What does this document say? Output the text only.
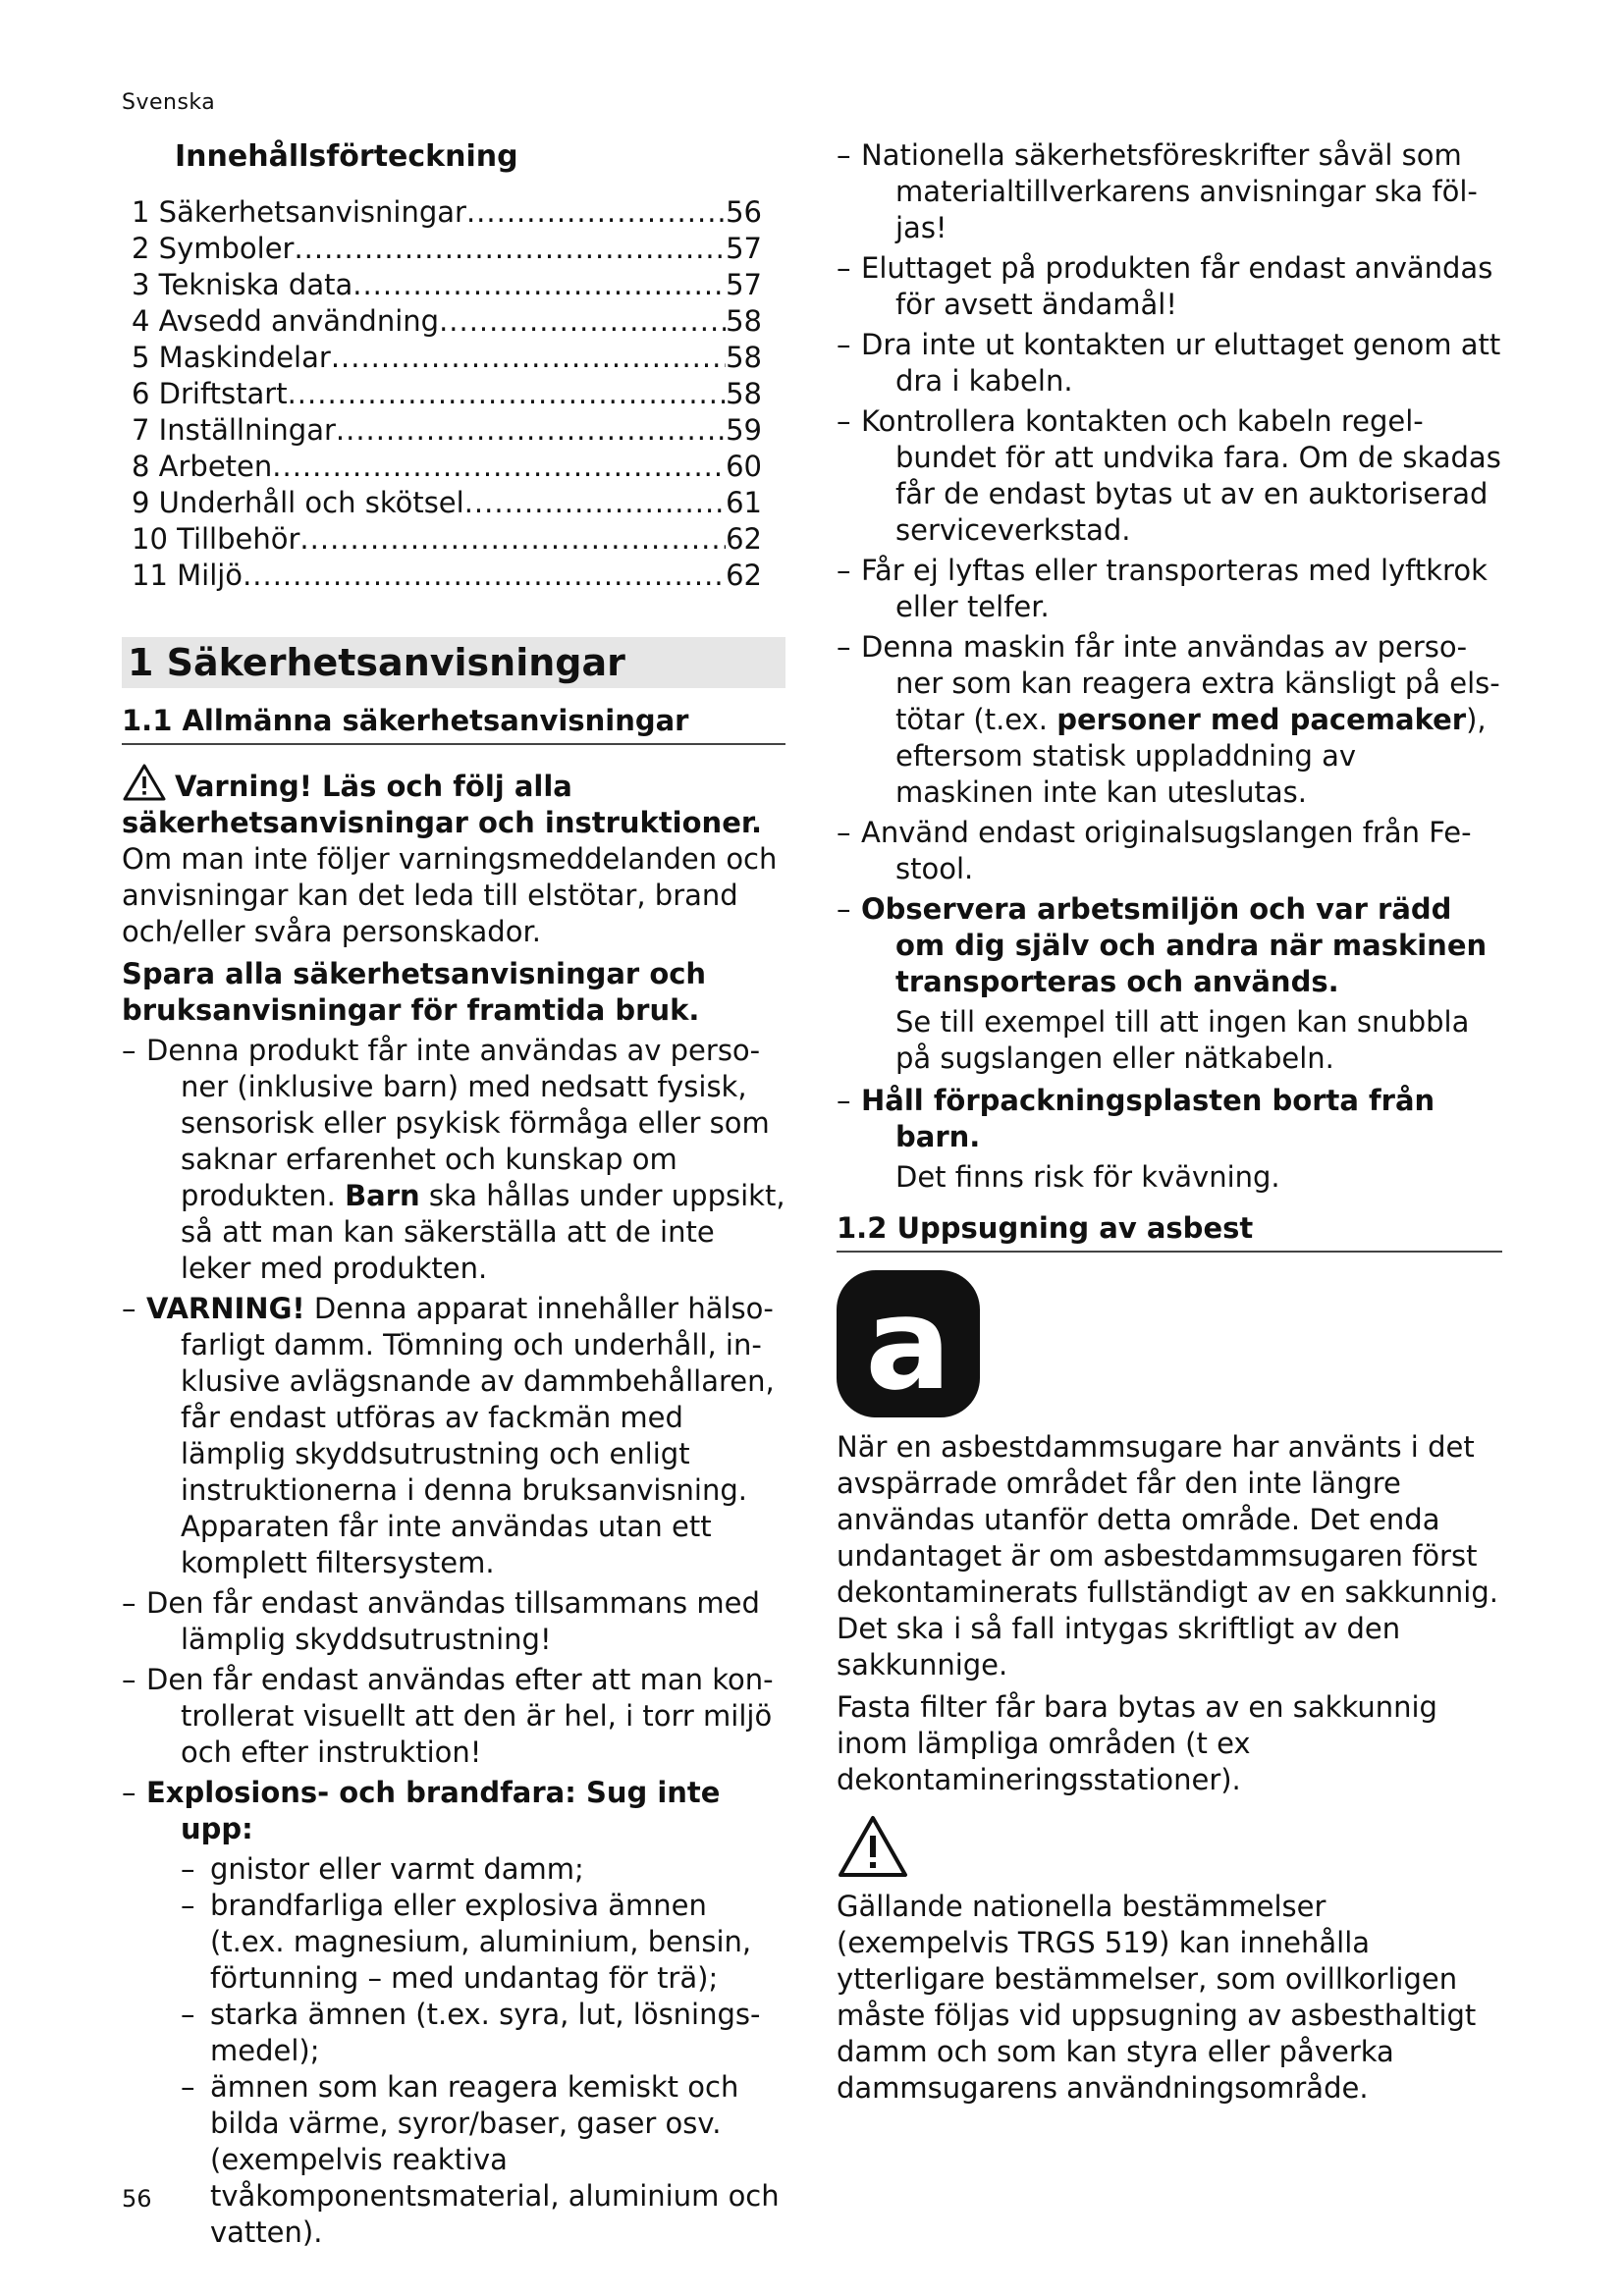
Svenska
Innehållsförteckning
1 Säkerhetsanvisningar .....	56
2 Symboler .....	57
3 Tekniska data .....	57
4 Avsedd användning .....	58
5 Maskindelar .....	58
6 Driftstart .....	58
7 Inställningar .....	59
8 Arbeten .....	60
9 Underhåll och skötsel .....	61
10 Tillbehör .....	62
11 Miljö .....	62
1 Säkerhetsanvisningar
1.1 Allmänna säkerhetsanvisningar

Varning! Läs och följ alla säkerhetsanvisningar och instruktioner. Om man inte följer varningsmeddelanden och anvisningar kan det leda till elstötar, brand och/eller svåra personskador.

Spara alla säkerhetsanvisningar och bruksanvisningar för framtida bruk.

– Denna produkt får inte användas av personer (inklusive barn) med nedsatt fysisk, sensorisk eller psykisk förmåga eller som saknar erfarenhet och kunskap om produkten. Barn ska hållas under uppsikt, så att man kan säkerställa att de inte leker med produkten.
– VARNING! Denna apparat innehåller hälsofarligt damm. Tömning och underhåll, inklusive avlägsnande av dammbehållaren, får endast utföras av fackmän med lämplig skyddsutrustning och enligt instruktionerna i denna bruksanvisning. Apparaten får inte användas utan ett komplett filtersystem.
– Den får endast användas tillsammans med lämplig skyddsutrustning!
– Den får endast användas efter att man kontrollerat visuellt att den är hel, i torr miljö och efter instruktion!
– Explosions- och brandfara: Sug inte upp:
– gnistor eller varmt damm;
– brandfarliga eller explosiva ämnen (t.ex. magnesium, aluminium, bensin, förtunning – med undantag för trä);
– starka ämnen (t.ex. syra, lut, lösningsmedel);
– ämnen som kan reagera kemiskt och bilda värme, syror/baser, gaser osv. (exempelvis reaktiva tvåkomponentsmaterial, aluminium och vatten).
– Nationella säkerhetsföreskrifter såväl som materialtillverkarens anvisningar ska följas!
– Eluttaget på produkten får endast användas för avsett ändamål!
– Dra inte ut kontakten ur eluttaget genom att dra i kabeln.
– Kontrollera kontakten och kabeln regelbundet för att undvika fara. Om de skadas får de endast bytas ut av en auktoriserad serviceverkstad.
– Får ej lyftas eller transporteras med lyftkrok eller telfer.
– Denna maskin får inte användas av personer som kan reagera extra känsligt på elstötar (t.ex. personer med pacemaker), eftersom statisk uppladdning av maskinen inte kan uteslutas.
– Använd endast originalsugslangen från Festool.
– Observera arbetsmiljön och var rädd om dig själv och andra när maskinen transporteras och används.
Se till exempel till att ingen kan snubbla på sugslangen eller nätkabeln.
– Håll förpackningsplasten borta från barn.
Det finns risk för kvävning.
1.2 Uppsugning av asbest
a

När en asbestdammsugare har använts i det avspärrade området får den inte längre användas utanför detta område. Det enda undantaget är om asbestdammsugaren först dekontaminerats fullständigt av en sakkunnig. Det ska i så fall intygas skriftligt av den sakkunnige.

Fasta filter får bara bytas av en sakkunnig inom lämpliga områden (t ex dekontamineringsstationer).

Gällande nationella bestämmelser (exempelvis TRGS 519) kan innehålla ytterligare bestämmelser, som ovillkorligen måste följas vid uppsugning av asbesthaltigt damm och som kan styra eller påverka dammsugarens användningsområde.

56
